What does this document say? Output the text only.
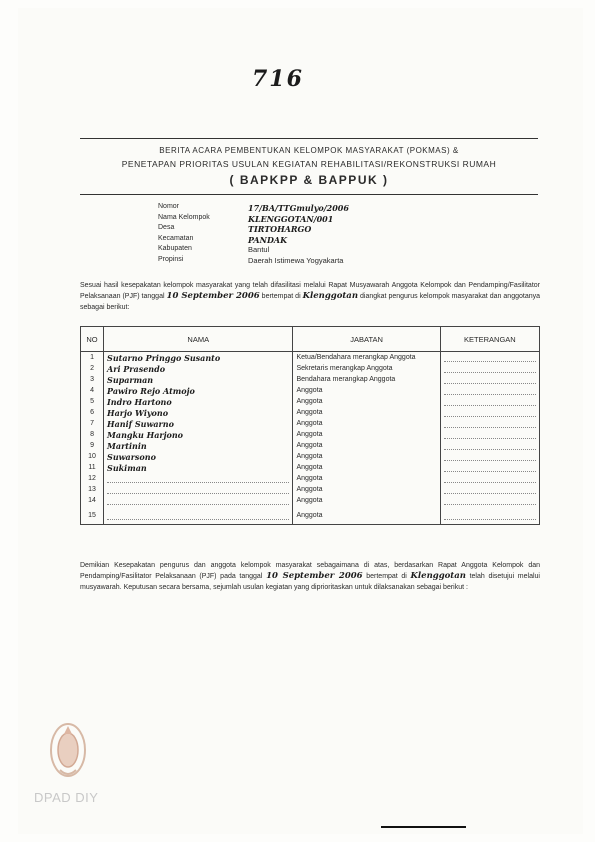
716
BERITA ACARA PEMBENTUKAN KELOMPOK MASYARAKAT (POKMAS) &
PENETAPAN PRIORITAS USULAN KEGIATAN REHABILITASI/REKONSTRUKSI RUMAH
( BAPKPP & BAPPUK )
Nomor	17/BA/TTGmulyo/2006
Nama Kelompok	KLENGGOTAN/001
Desa	TIRTOHARGO
Kecamatan	PANDAK
Kabupaten	Bantul
Propinsi	Daerah Istimewa Yogyakarta
Sesuai hasil kesepakatan kelompok masyarakat yang telah difasilitasi melalui Rapat Musyawarah Anggota Kelompok dan Pendamping/Fasilitator Pelaksanaan (PJF) tanggal 10 September 2006 bertempat di Klenggotan diangkat pengurus kelompok masyarakat dan anggotanya sebagai berikut:
NO	NAMA	JABATAN	KETERANGAN
1	Sutarno Pringgo Susanto	Ketua/Bendahara merangkap Anggota	

2	Ari Prasendo	Sekretaris merangkap Anggota	

3	Suparman	Bendahara merangkap Anggota	

4	Pawiro Rejo Atmojo	Anggota	

5	Indro Hartono	Anggota	

6	Harjo Wiyono	Anggota	

7	Hanif Suwarno	Anggota	

8	Mangku Harjono	Anggota	

9	Martinin	Anggota	

10	Suwarsono	Anggota	

11	Sukiman	Anggota	

12		Anggota	

13		Anggota	

14		Anggota	

15		Anggota	
Demikian Kesepakatan pengurus dan anggota kelompok masyarakat sebagaimana di atas, berdasarkan Rapat Anggota Kelompok dan Pendamping/Fasilitator Pelaksanaan (PJF) pada tanggal 10 September 2006 bertempat di Klenggotan telah disetujui melalui musyawarah. Keputusan secara bersama, sejumlah usulan kegiatan yang diprioritaskan untuk dilaksanakan sebagai berikut :
DPAD DIY
